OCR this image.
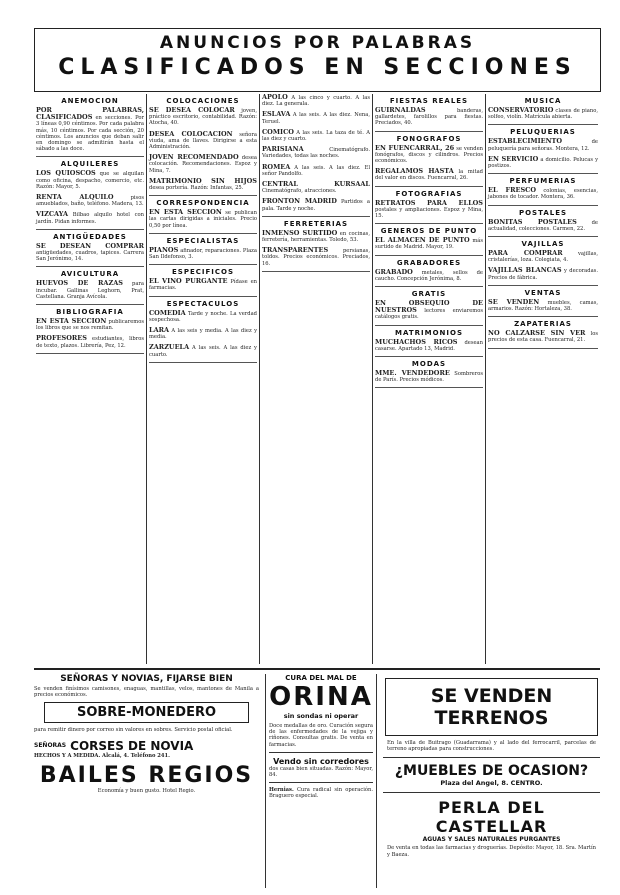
ANUNCIOS POR PALABRAS
CLASIFICADOS EN SECCIONES
ANEMOCION
POR PALABRAS, CLASIFICADOS en secciones. Por 3 líneas 0,90 céntimos. Por cada palabra más, 10 céntimos. Por cada sección, 20 céntimos. Los anuncios que deban salir en domingo se admitirán hasta el sábado a las doce.
ALQUILERES
LOS QUIOSCOS que se alquilan como oficina, despacho, comercio, etc. Razón: Mayor, 5.
RENTA ALQUILO	pisos amueblados, baño, teléfono. Madera, 13.
VIZCAYA Bilbao alquilo hotel con jardín. Pidan informes.
ANTIGÜEDADES
SE DESEAN COMPRAR antigüedades, cuadros, tapices. Carrera San Jerónimo, 14.
AVICULTURA
HUEVOS DE RAZAS para incubar. Gallinas Leghorn, Prat, Castellana. Granja Avícola.
BIBLIOGRAFIA
EN ESTA SECCION publicaremos los libros que se nos remitan.
PROFESORES estudiantes, libros de texto, plazos. Librería, Pez, 12.
COLOCACIONES
SE DESEA COLOCAR joven, práctico escritorio, contabilidad. Razón: Atocha, 40.
DESEA COLOCACION señora viuda, ama de llaves. Dirigirse a esta Administración.
JOVEN RECOMENDADO desea colocación. Recomendaciones. Espoz y Mina, 7.
MATRIMONIO SIN HIJOS desea portería. Razón: Infantas, 25.
CORRESPONDENCIA
EN ESTA SECCION se publican las cartas dirigidas a iniciales. Precio 0,50 por línea.
ESPECIALISTAS
PIANOS afinador, reparaciones. Plaza San Ildefonso, 3.
ESPECIFICOS
EL VINO PURGANTE Pídase en farmacias.
ESPECTACULOS
COMEDIA Tarde y noche. La verdad sospechosa.
LARA A las seis y media. A las diez y media.
ZARZUELA A las seis. A las diez y cuarto.
APOLO A las cinco y cuarto. A las diez. La generala.
ESLAVA A las seis. A las diez. Nena, Teruel.
COMICO A las seis. La taza de té. A las diez y cuarto.
PARISIANA	Cinematógrafo. Variedades, todas las noches.
ROMEA A las seis. A las diez. El señor Pandolfo.
CENTRAL KURSAAL Cinematógrafo, atracciones.
FRONTON MADRID Partidos a pala. Tarde y noche.
FERRETERIAS
INMENSO SURTIDO en cocinas, ferretería, herramientas. Toledo, 53.
TRANSPARENTES	persianas, toldos. Precios económicos. Preciados, 16.
FIESTAS REALES
GUIRNALDAS	banderas, gallardetes, farolillos para fiestas. Preciados, 40.
FONOGRAFOS
EN FUENCARRAL, 26 se venden fonógrafos, discos y cilindros. Precios económicos.
REGALAMOS HASTA la mitad del valor en discos. Fuencarral, 26.
FOTOGRAFIAS
RETRATOS PARA ELLOS postales y ampliaciones. Espoz y Mina, 15.
GENEROS DE PUNTO
EL ALMACEN DE PUNTO más surtido de Madrid. Mayor, 19.
GRABADORES
GRABADO metales, sellos de caucho. Concepción Jerónima, 8.
GRATIS
EN OBSEQUIO DE NUESTROS lectores enviaremos catálogos gratis.
MATRIMONIOS
MUCHACHOS RICOS desean casarse. Apartado 13, Madrid.
MODAS
MME. VENDEDORE Sombreros de París. Precios módicos.
MUSICA
CONSERVATORIO clases de piano, solfeo, violín. Matrícula abierta.
PELUQUERIAS
ESTABLECIMIENTO	de peluquería para señoras. Montera, 12.
EN SERVICIO a domicilio. Pelucas y postizos.
PERFUMERIAS
EL FRESCO colonias, esencias, jabones de tocador. Montera, 36.
POSTALES
BONITAS POSTALES	de actualidad, colecciones. Carmen, 22.
VAJILLAS
PARA COMPRAR	vajillas, cristalerías, loza. Colegiata, 4.
VAJILLAS BLANCAS y decoradas. Precios de fábrica.
VENTAS
SE VENDEN muebles, camas, armarios. Razón: Hortaleza, 38.
ZAPATERIAS
NO CALZARSE SIN VER los precios de esta casa. Fuencarral, 21.
SEÑORAS Y NOVIAS, FIJARSE BIEN
Se venden finísimos camisones, enaguas, mantillas, velos, mantones de Manila a precios económicos.
SOBRE-MONEDERO
para remitir dinero por correo sin valores en sobres. Servicio postal oficial.
SEÑORAS CORSES DE NOVIA
HECHOS Y A MEDIDA. Alcalá, 4. Teléfono 241.
BAILES REGIOS
Economía y buen gusto. Hotel Regio.
CURA DEL MAL DE
ORINA
sin sondas ni operar
Doce medallas de oro. Curación segura de las enfermedades de la vejiga y riñones. Consultas gratis. De venta en farmacias.
Vendo sin corredores
dos casas bien situadas. Razón: Mayor, 84.
Hernias. Cura radical sin operación. Braguero especial.
SE VENDEN TERRENOS
En la villa de Buitrago (Guadarrama) y al lado del ferrocarril, parcelas de terreno apropiadas para construcciones.
¿MUEBLES DE OCASION?
Plaza del Angel, 8. CENTRO.
PERLA DEL CASTELLAR
AGUAS Y SALES NATURALES PURGANTES
De venta en todas las farmacias y droguerías. Depósito: Mayor, 18. Sra. Martín y Baeza.
